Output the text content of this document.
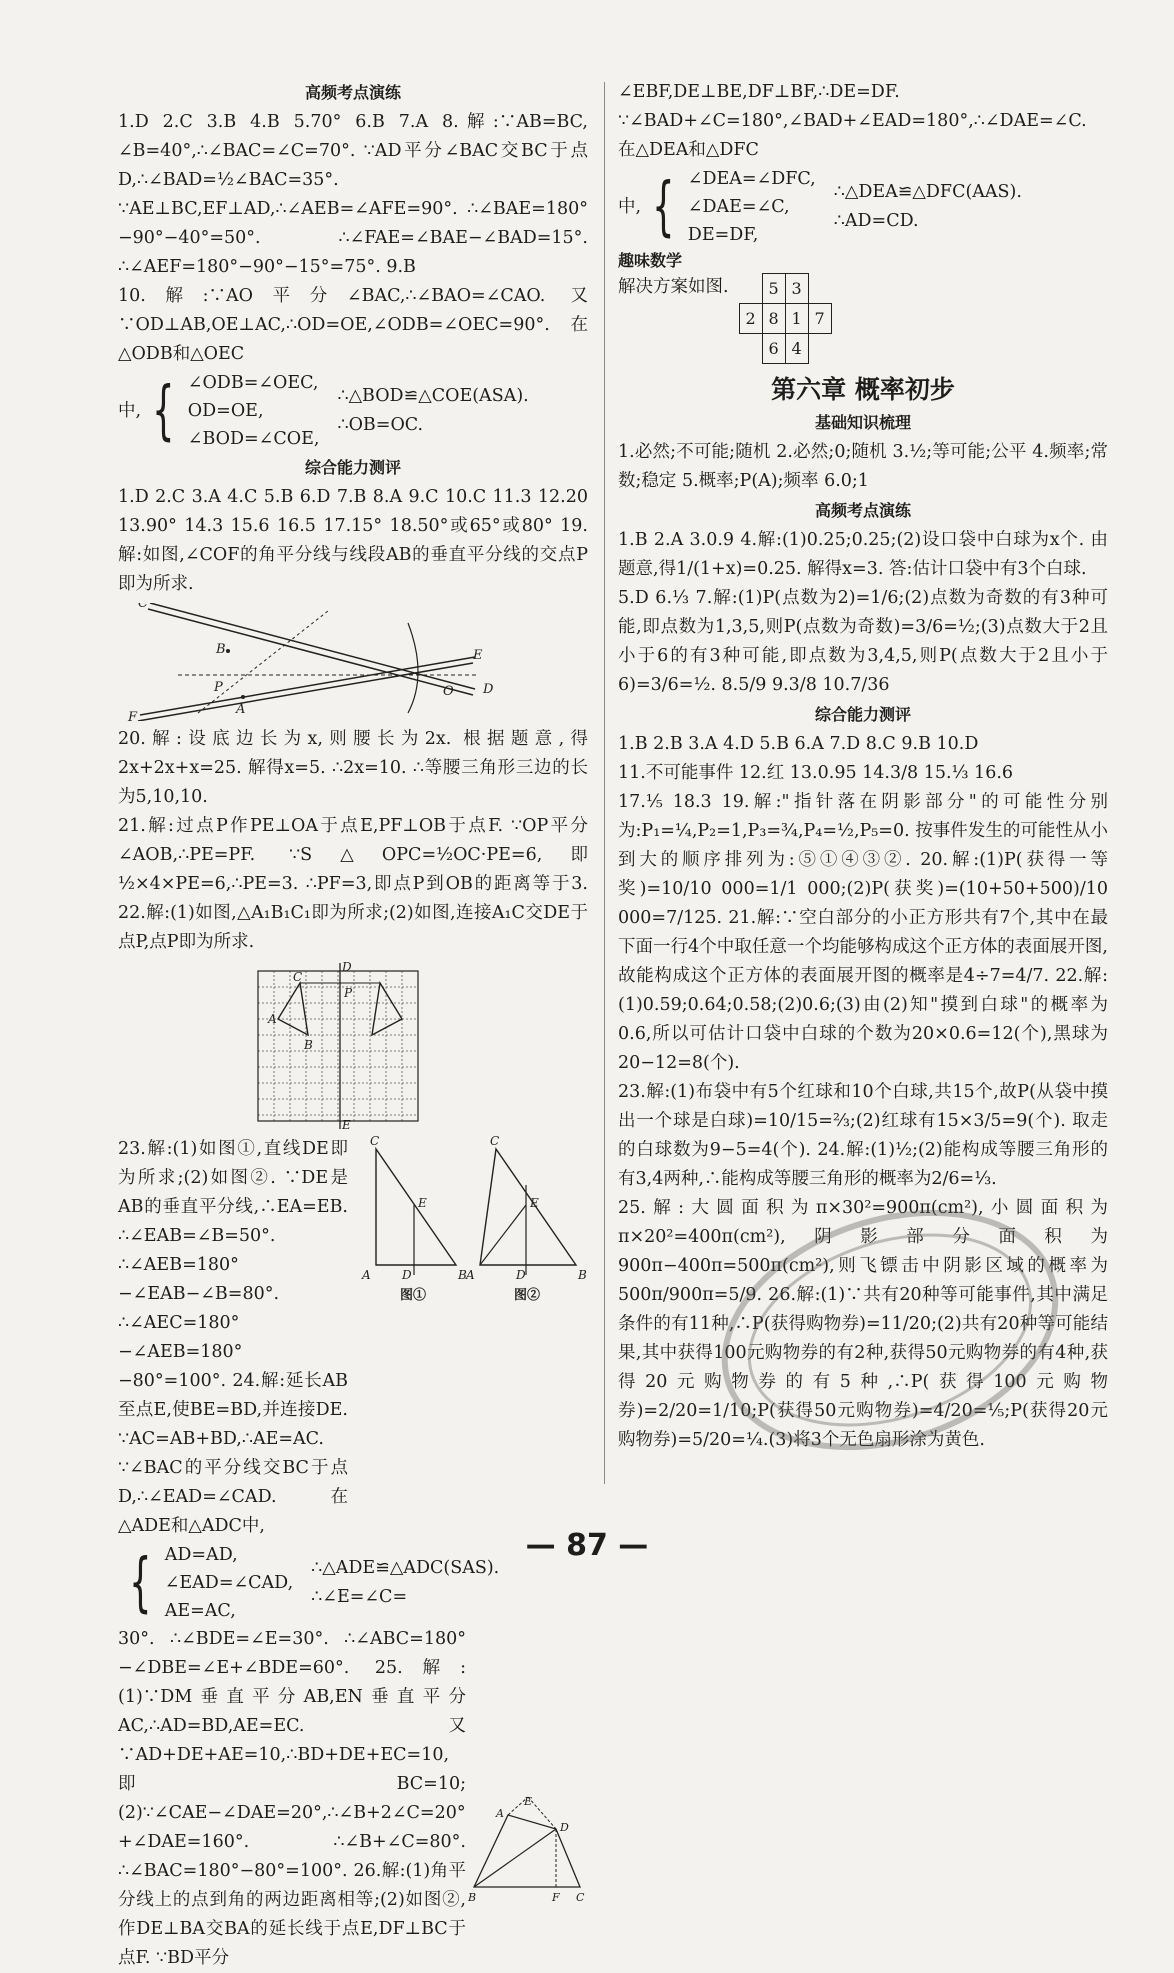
高频考点演练

1.D 2.C 3.B 4.B 5.70° 6.B 7.A 8.解:∵AB=BC, ∠B=40°,∴∠BAC=∠C=70°. ∵AD平分∠BAC交BC于点D,∴∠BAD=½∠BAC=35°. ∵AE⊥BC,EF⊥AD,∴∠AEB=∠AFE=90°. ∴∠BAE=180°−90°−40°=50°. ∴∠FAE=∠BAE−∠BAD=15°. ∴∠AEF=180°−90°−15°=75°. 9.B

10.解:∵AO平分∠BAC,∴∠BAO=∠CAO. 又∵OD⊥AB,OE⊥AC,∴OD=OE,∠ODB=∠OEC=90°. 在△ODB和△OEC

中, { ∠ODB=∠OEC,
OD=OE,
∠BOD=∠COE,
∴△BOD≌△COE(ASA). ∴OB=OC.
综合能力测评

1.D 2.C 3.A 4.C 5.B 6.D 7.B 8.A 9.C 10.C 11.3 12.20 13.90° 14.3 15.6 16.5 17.15° 18.50°或65°或80° 19.解:如图,∠COF的角平分线与线段AB的垂直平分线的交点P即为所求.

C
B
A
F
E
D
O
P

20.解:设底边长为x,则腰长为2x. 根据题意,得2x+2x+x=25. 解得x=5. ∴2x=10. ∴等腰三角形三边的长为5,10,10.

21.解:过点P作PE⊥OA于点E,PF⊥OB于点F. ∵OP平分∠AOB,∴PE=PF. ∵S△OPC=½OC·PE=6,即½×4×PE=6,∴PE=3. ∴PF=3,即点P到OB的距离等于3. 22.解:(1)如图,△A₁B₁C₁即为所求;(2)如图,连接A₁C交DE于点P,点P即为所求.

D
E
C
A
B
P

23.解:(1)如图①,直线DE即为所求;(2)如图②. ∵DE是AB的垂直平分线,∴EA=EB. ∴∠EAB=∠B=50°. ∴∠AEB=180°−∠EAB−∠B=80°. ∴∠AEC=180°−∠AEB=180°−80°=100°. 24.解:延长AB至点E,使BE=BD,并连接DE. ∵AC=AB+BD,∴AE=AC. ∵∠BAC的平分线交BC于点D,∴∠EAD=∠CAD. 在△ADE和△ADC中,

C
A	B
E
D
图①
C
A	B
E
D
图②
{ AD=AD,
∠EAD=∠CAD,
AE=AC,
∴△ADE≌△ADC(SAS). ∴∠E=∠C=

30°. ∴∠BDE=∠E=30°. ∴∠ABC=180°−∠DBE=∠E+∠BDE=60°. 25.解:(1)∵DM垂直平分AB,EN垂直平分AC,∴AD=BD,AE=EC. 又∵AD+DE+AE=10,∴BD+DE+EC=10,即BC=10;(2)∵∠CAE−∠DAE=20°,∴∠B+2∠C=20°+∠DAE=160°. ∴∠B+∠C=80°. ∴∠BAC=180°−80°=100°. 26.解:(1)角平分线上的点到角的两边距离相等;(2)如图②,作DE⊥BA交BA的延长线于点E,DF⊥BC于点F. ∵BD平分

E
A
D
B	F C

∠EBF,DE⊥BE,DF⊥BF,∴DE=DF. ∵∠BAD+∠C=180°,∠BAD+∠EAD=180°,∴∠DAE=∠C. 在△DEA和△DFC

中, { ∠DEA=∠DFC,
∠DAE=∠C,
DE=DF,
∴△DEA≌△DFC(AAS). ∴AD=CD.
趣味数学
解决方案如图.
	5	3	
2	8	1	7
	6	4	
第六章 概率初步
基础知识梳理

1.必然;不可能;随机 2.必然;0;随机 3.½;等可能;公平 4.频率;常数;稳定 5.概率;P(A);频率 6.0;1

高频考点演练

1.B 2.A 3.0.9 4.解:(1)0.25;0.25;(2)设口袋中白球为x个. 由题意,得1/(1+x)=0.25. 解得x=3. 答:估计口袋中有3个白球.

5.D 6.⅓ 7.解:(1)P(点数为2)=1/6;(2)点数为奇数的有3种可能,即点数为1,3,5,则P(点数为奇数)=3/6=½;(3)点数大于2且小于6的有3种可能,即点数为3,4,5,则P(点数大于2且小于6)=3/6=½. 8.5/9 9.3/8 10.7/36

综合能力测评

1.B 2.B 3.A 4.D 5.B 6.A 7.D 8.C 9.B 10.D

11.不可能事件 12.红 13.0.95 14.3/8 15.⅓ 16.6

17.⅕ 18.3 19.解:"指针落在阴影部分"的可能性分别为:P₁=¼,P₂=1,P₃=¾,P₄=½,P₅=0. 按事件发生的可能性从小到大的顺序排列为:⑤①④③②. 20.解:(1)P(获得一等奖)=10/10 000=1/1 000;(2)P(获奖)=(10+50+500)/10 000=7/125. 21.解:∵空白部分的小正方形共有7个,其中在最下面一行4个中取任意一个均能够构成这个正方体的表面展开图,故能构成这个正方体的表面展开图的概率是4÷7=4/7. 22.解:(1)0.59;0.64;0.58;(2)0.6;(3)由(2)知"摸到白球"的概率为0.6,所以可估计口袋中白球的个数为20×0.6=12(个),黑球为20−12=8(个).

23.解:(1)布袋中有5个红球和10个白球,共15个,故P(从袋中摸出一个球是白球)=10/15=⅔;(2)红球有15×3/5=9(个). 取走的白球数为9−5=4(个). 24.解:(1)½;(2)能构成等腰三角形的有3,4两种,∴能构成等腰三角形的概率为2/6=⅓.

25.解:大圆面积为π×30²=900π(cm²),小圆面积为π×20²=400π(cm²),阴影部分面积为900π−400π=500π(cm²),则飞镖击中阴影区域的概率为500π/900π=5/9. 26.解:(1)∵共有20种等可能事件,其中满足条件的有11种,∴P(获得购物券)=11/20;(2)共有20种等可能结果,其中获得100元购物券的有2种,获得50元购物券的有4种,获得20元购物券的有5种,∴P(获得100元购物券)=2/20=1/10;P(获得50元购物券)=4/20=⅕;P(获得20元购物券)=5/20=¼.(3)将3个无色扇形涂为黄色.

— 87 —
